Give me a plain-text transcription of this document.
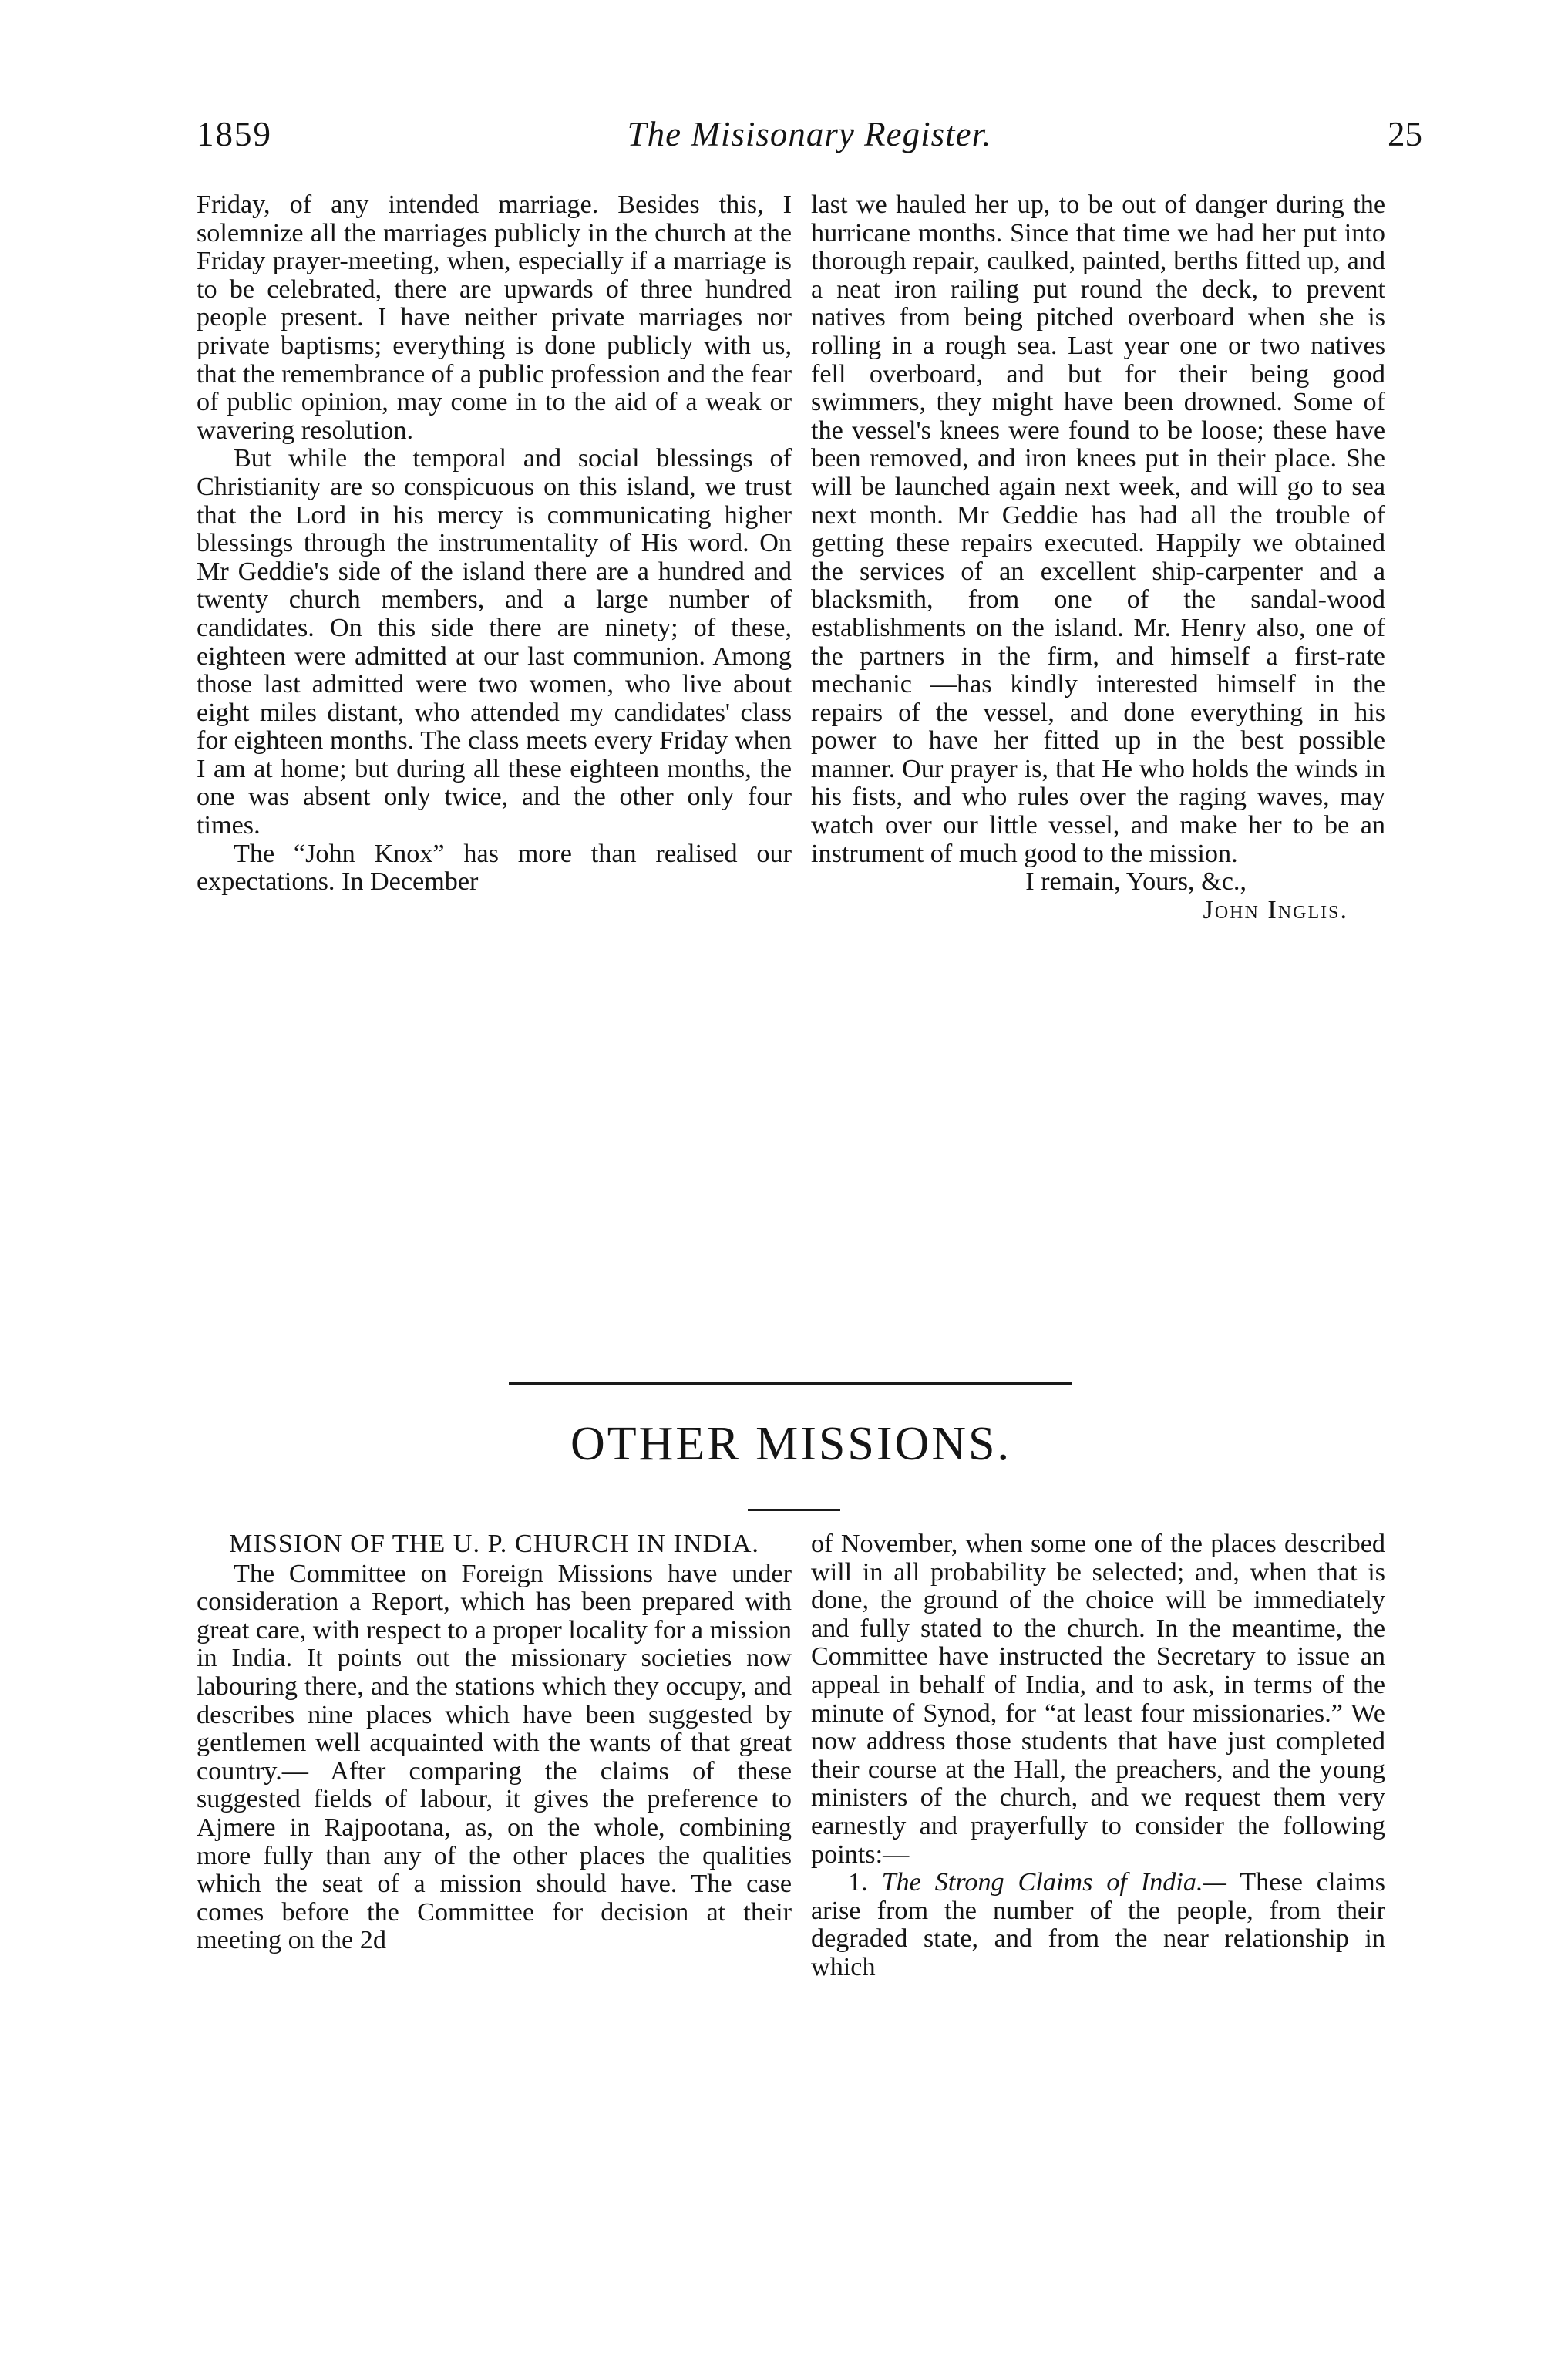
1859	The Misisonary Register.	25

Friday, of any intended marriage. Besides this, I solemnize all the marriages publicly in the church at the Friday prayer-meeting, when, especially if a marriage is to be celebrated, there are upwards of three hundred people present. I have neither private marriages nor private baptisms; everything is done publicly with us, that the remembrance of a public profession and the fear of public opinion, may come in to the aid of a weak or wavering resolution.

But while the temporal and social blessings of Christianity are so conspicuous on this island, we trust that the Lord in his mercy is communicating higher blessings through the instrumentality of His word. On Mr Geddie's side of the island there are a hundred and twenty church members, and a large number of candidates. On this side there are ninety; of these, eighteen were admitted at our last communion. Among those last admitted were two women, who live about eight miles distant, who attended my candidates' class for eighteen months. The class meets every Friday when I am at home; but during all these eighteen months, the one was absent only twice, and the other only four times.

The “John Knox” has more than realised our expectations. In December

last we hauled her up, to be out of danger during the hurricane months. Since that time we had her put into thorough repair, caulked, painted, berths fitted up, and a neat iron railing put round the deck, to prevent natives from being pitched overboard when she is rolling in a rough sea. Last year one or two natives fell overboard, and but for their being good swimmers, they might have been drowned. Some of the vessel's knees were found to be loose; these have been removed, and iron knees put in their place. She will be launched again next week, and will go to sea next month. Mr Geddie has had all the trouble of getting these repairs executed. Happily we obtained the services of an excellent ship-carpenter and a blacksmith, from one of the sandal-wood establishments on the island. Mr. Henry also, one of the partners in the firm, and himself a first-rate mechanic —has kindly interested himself in the repairs of the vessel, and done everything in his power to have her fitted up in the best possible manner. Our prayer is, that He who holds the winds in his fists, and who rules over the raging waves, may watch over our little vessel, and make her to be an instrument of much good to the mission.

I remain, Yours, &c.,

John Inglis.

OTHER MISSIONS.

MISSION OF THE U. P. CHURCH IN INDIA.

The Committee on Foreign Missions have under consideration a Report, which has been prepared with great care, with respect to a proper locality for a mission in India. It points out the missionary societies now labouring there, and the stations which they occupy, and describes nine places which have been suggested by gentlemen well acquainted with the wants of that great country.— After comparing the claims of these suggested fields of labour, it gives the preference to Ajmere in Rajpootana, as, on the whole, combining more fully than any of the other places the qualities which the seat of a mission should have. The case comes before the Committee for decision at their meeting on the 2d

of November, when some one of the places described will in all probability be selected; and, when that is done, the ground of the choice will be immediately and fully stated to the church. In the meantime, the Committee have instructed the Secretary to issue an appeal in behalf of India, and to ask, in terms of the minute of Synod, for “at least four missionaries.” We now address those students that have just completed their course at the Hall, the preachers, and the young ministers of the church, and we request them very earnestly and prayerfully to consider the following points:—

1. The Strong Claims of India.— These claims arise from the number of the people, from their degraded state, and from the near relationship in which
